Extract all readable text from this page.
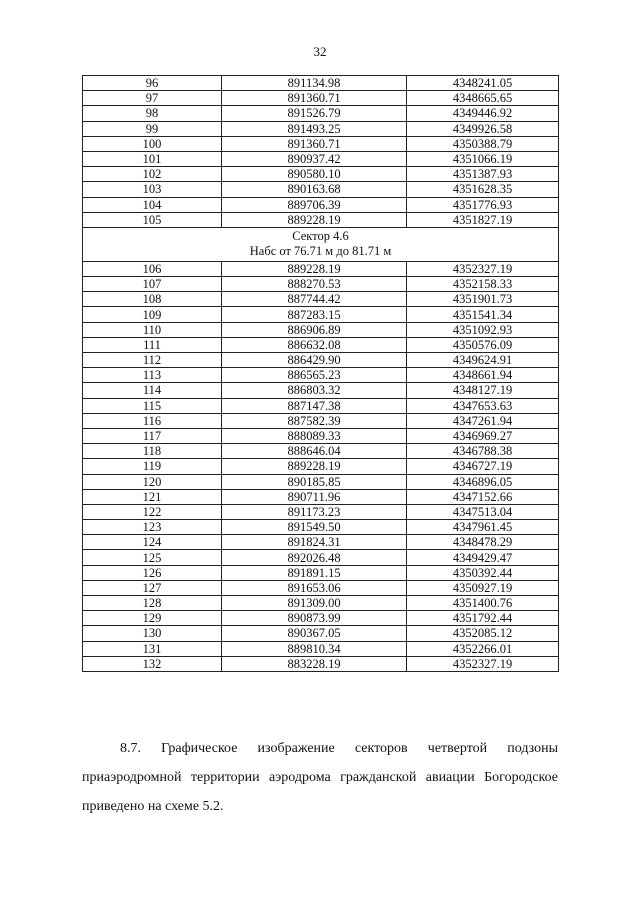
32
96	891134.98	4348241.05
97	891360.71	4348665.65
98	891526.79	4349446.92
99	891493.25	4349926.58
100	891360.71	4350388.79
101	890937.42	4351066.19
102	890580.10	4351387.93
103	890163.68	4351628.35
104	889706.39	4351776.93
105	889228.19	4351827.19

Сектор 4.6
Набс от 76.71 м до 81.71 м		

106	889228.19	4352327.19
107	888270.53	4352158.33
108	887744.42	4351901.73
109	887283.15	4351541.34
110	886906.89	4351092.93
111	886632.08	4350576.09
112	886429.90	4349624.91
113	886565.23	4348661.94
114	886803.32	4348127.19
115	887147.38	4347653.63
116	887582.39	4347261.94
117	888089.33	4346969.27
118	888646.04	4346788.38
119	889228.19	4346727.19
120	890185.85	4346896.05
121	890711.96	4347152.66
122	891173.23	4347513.04
123	891549.50	4347961.45
124	891824.31	4348478.29
125	892026.48	4349429.47
126	891891.15	4350392.44
127	891653.06	4350927.19
128	891309.00	4351400.76
129	890873.99	4351792.44
130	890367.05	4352085.12
131	889810.34	4352266.01
132	883228.19	4352327.19
8.7. Графическое изображение секторов четвертой подзоны
приаэродромной территории аэродрома гражданской авиации Богородское
приведено на схеме 5.2.
